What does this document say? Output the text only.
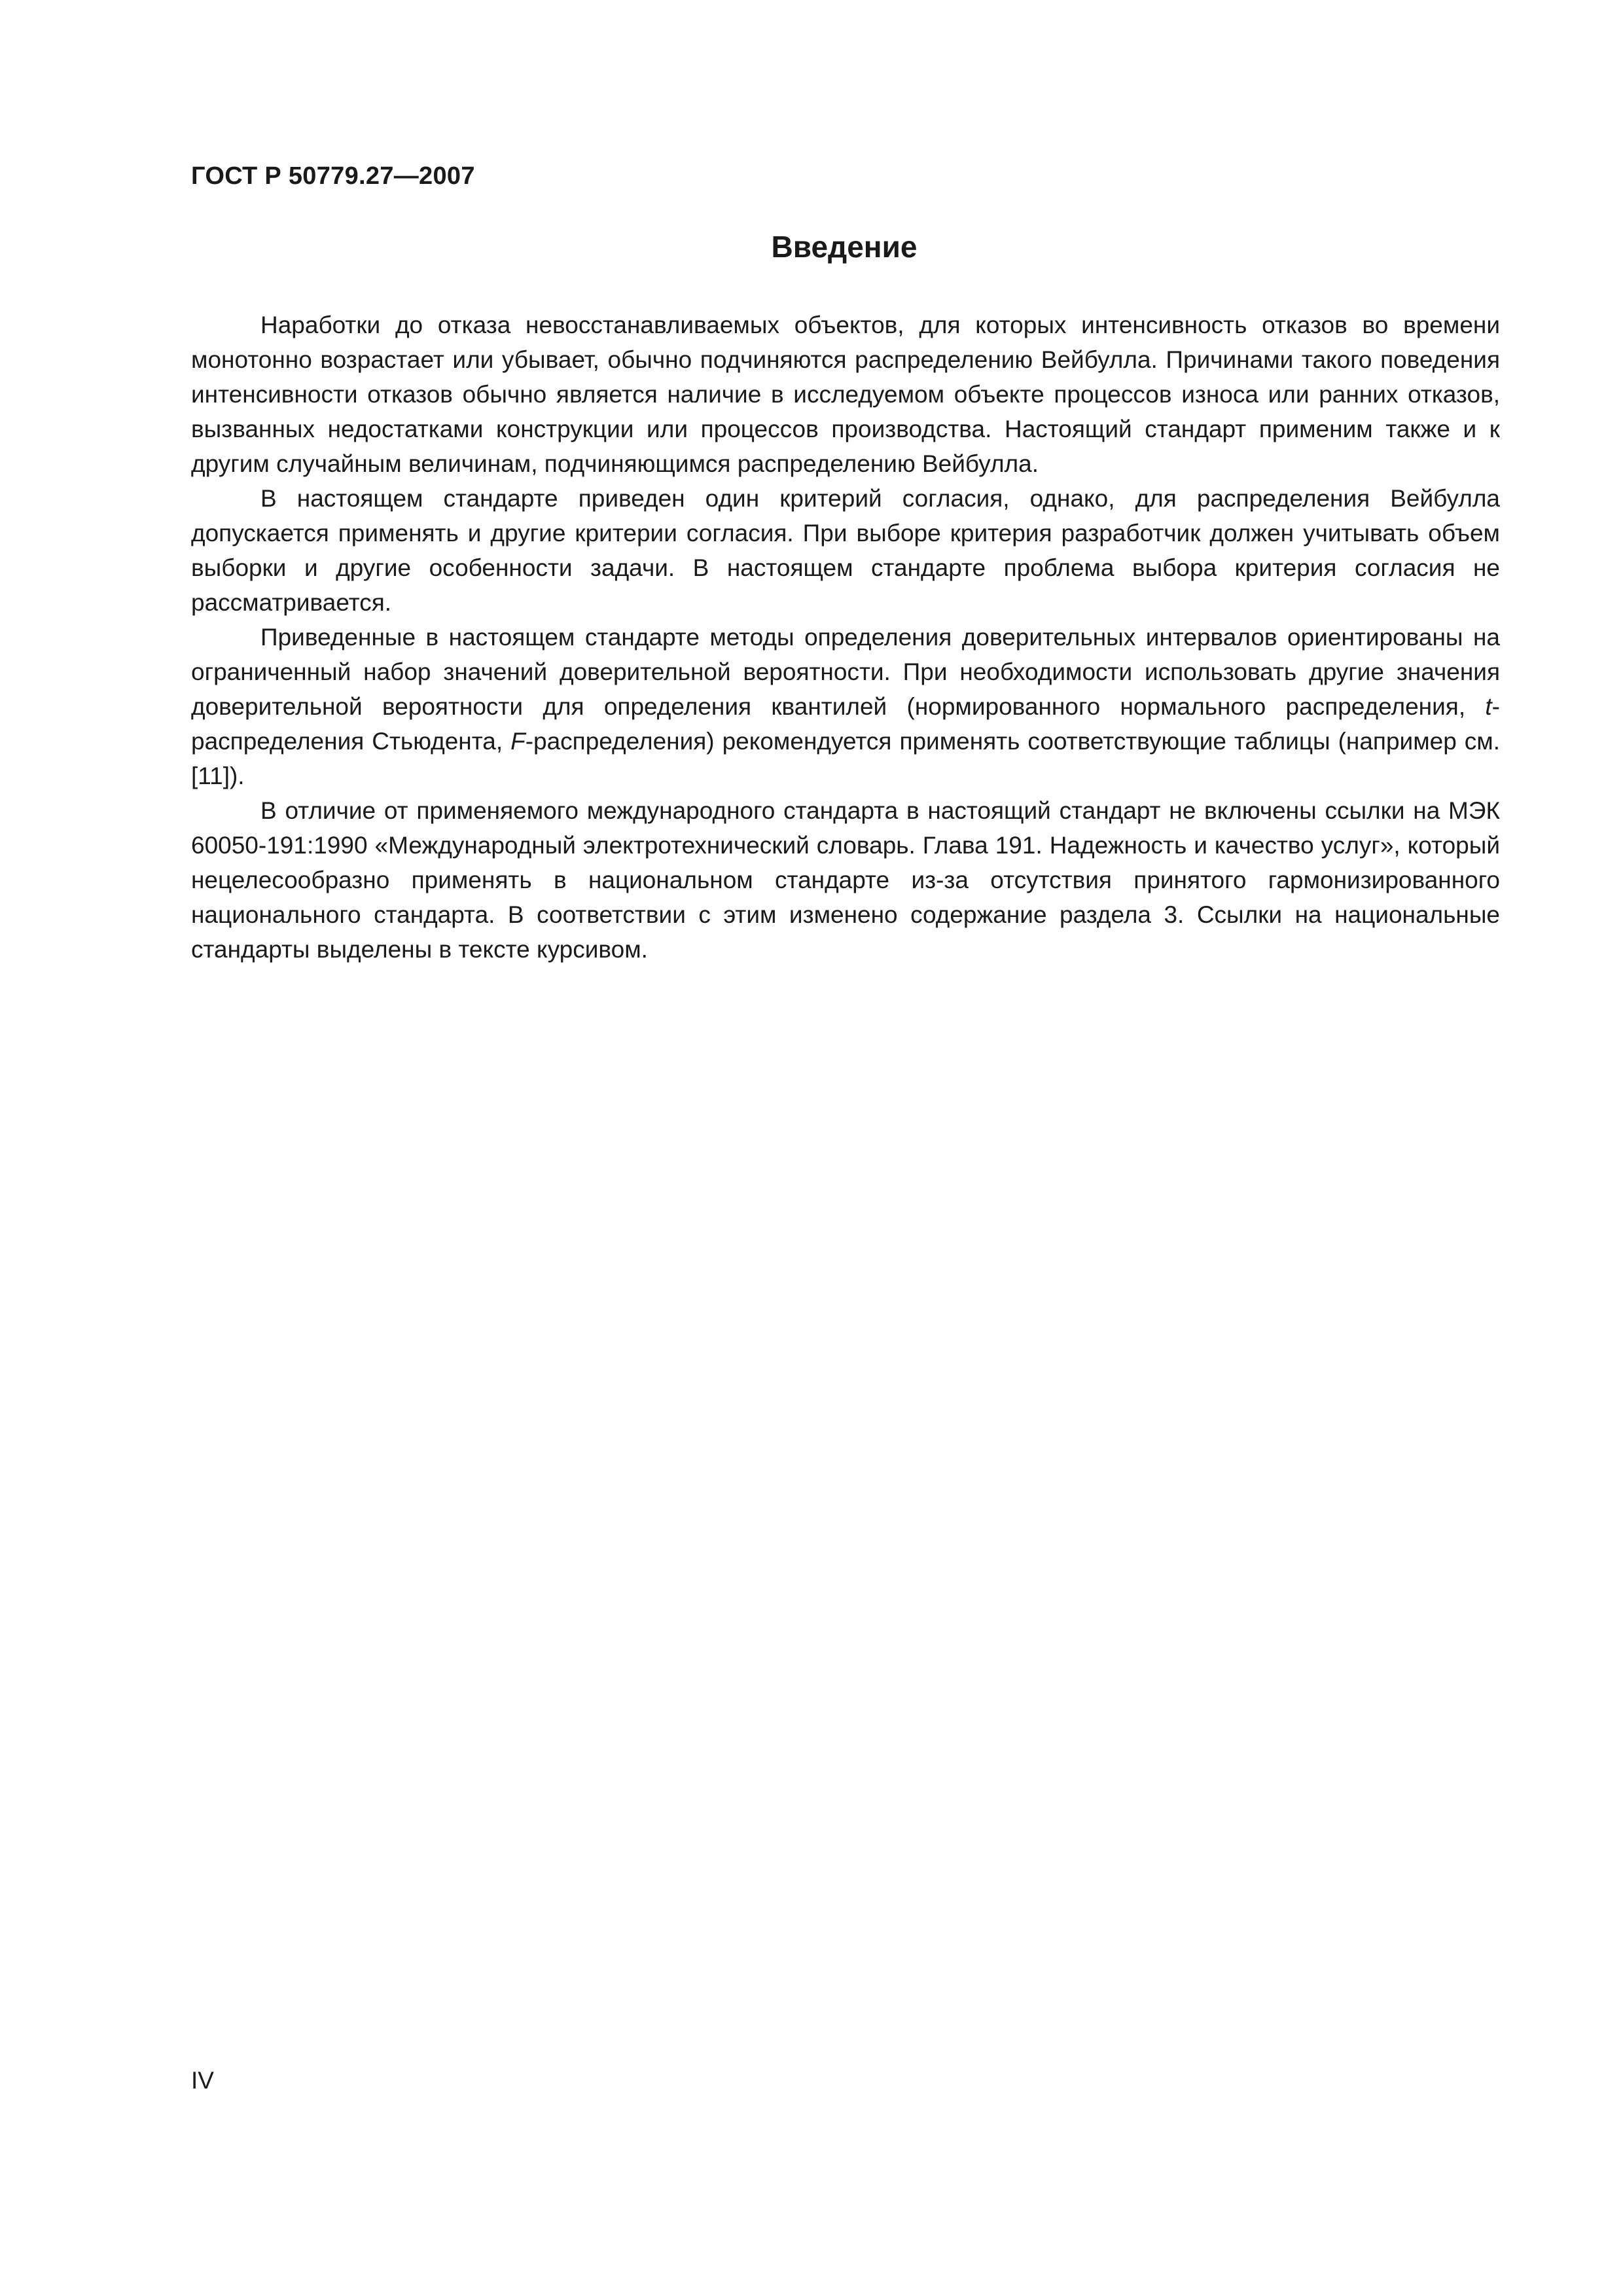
ГОСТ Р 50779.27—2007
Введение

Наработки до отказа невосстанавливаемых объектов, для которых интенсивность отказов во времени монотонно возрастает или убывает, обычно подчиняются распределению Вейбулла. Причинами такого поведения интенсивности отказов обычно является наличие в исследуемом объекте процессов износа или ранних отказов, вызванных недостатками конструкции или процессов производства. Настоящий стандарт применим также и к другим случайным величинам, подчиняющимся распределению Вейбулла.

В настоящем стандарте приведен один критерий согласия, однако, для распределения Вейбулла допускается применять и другие критерии согласия. При выборе критерия разработчик должен учитывать объем выборки и другие особенности задачи. В настоящем стандарте проблема выбора критерия согласия не рассматривается.

Приведенные в настоящем стандарте методы определения доверительных интервалов ориентированы на ограниченный набор значений доверительной вероятности. При необходимости использовать другие значения доверительной вероятности для определения квантилей (нормированного нормального распределения, t-распределения Стьюдента, F-распределения) рекомендуется применять соответствующие таблицы (например см. [11]).

В отличие от применяемого международного стандарта в настоящий стандарт не включены ссылки на МЭК 60050-191:1990 «Международный электротехнический словарь. Глава 191. Надежность и качество услуг», который нецелесообразно применять в национальном стандарте из-за отсутствия принятого гармонизированного национального стандарта. В соответствии с этим изменено содержание раздела 3. Ссылки на национальные стандарты выделены в тексте курсивом.

IV
